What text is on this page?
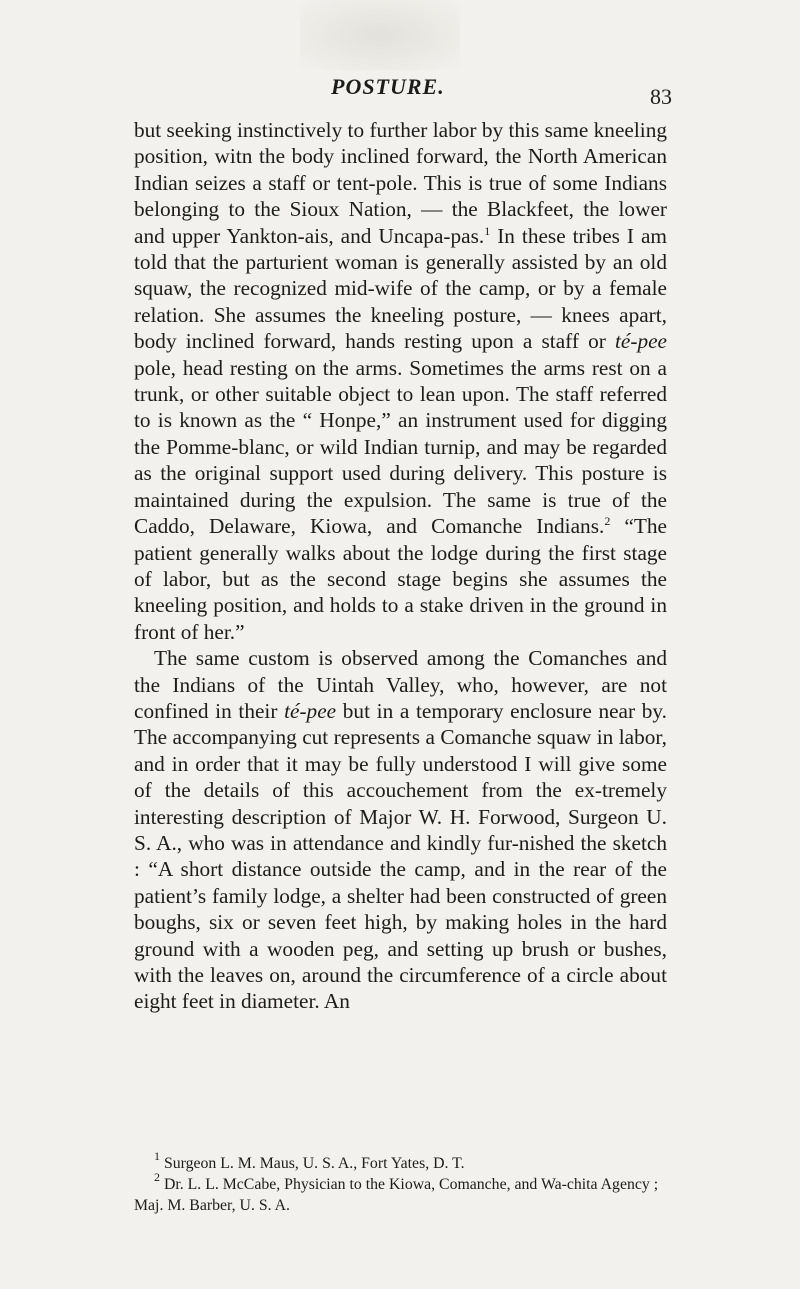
POSTURE.	83

but seeking instinctively to further labor by this same kneeling position, witn the body inclined forward, the North American Indian seizes a staff or tent-pole. This is true of some Indians belonging to the Sioux Nation, — the Blackfeet, the lower and upper Yankton-ais, and Uncapa-pas.$^1$ In these tribes I am told that the parturient woman is generally assisted by an old squaw, the recognized mid-wife of the camp, or by a female relation. She assumes the kneeling posture, — knees apart, body inclined forward, hands resting upon a staff or té-pee pole, head resting on the arms. Sometimes the arms rest on a trunk, or other suitable object to lean upon. The staff referred to is known as the “ Honpe,” an instrument used for digging the Pomme-blanc, or wild Indian turnip, and may be regarded as the original support used during delivery. This posture is maintained during the expulsion. The same is true of the Caddo, Delaware, Kiowa, and Comanche Indians.$^2$ “The patient generally walks about the lodge during the first stage of labor, but as the second stage begins she assumes the kneeling position, and holds to a stake driven in the ground in front of her.”

The same custom is observed among the Comanches and the Indians of the Uintah Valley, who, however, are not confined in their té-pee but in a temporary enclosure near by. The accompanying cut represents a Comanche squaw in labor, and in order that it may be fully understood I will give some of the details of this accouchement from the ex-tremely interesting description of Major W. H. Forwood, Surgeon U. S. A., who was in attendance and kindly fur-nished the sketch : “A short distance outside the camp, and in the rear of the patient’s family lodge, a shelter had been constructed of green boughs, six or seven feet high, by making holes in the hard ground with a wooden peg, and setting up brush or bushes, with the leaves on, around the circumference of a circle about eight feet in diameter. An

$^1$ Surgeon L. M. Maus, U. S. A., Fort Yates, D. T.

$^2$ Dr. L. L. McCabe, Physician to the Kiowa, Comanche, and Wa-chita Agency ; Maj. M. Barber, U. S. A.
